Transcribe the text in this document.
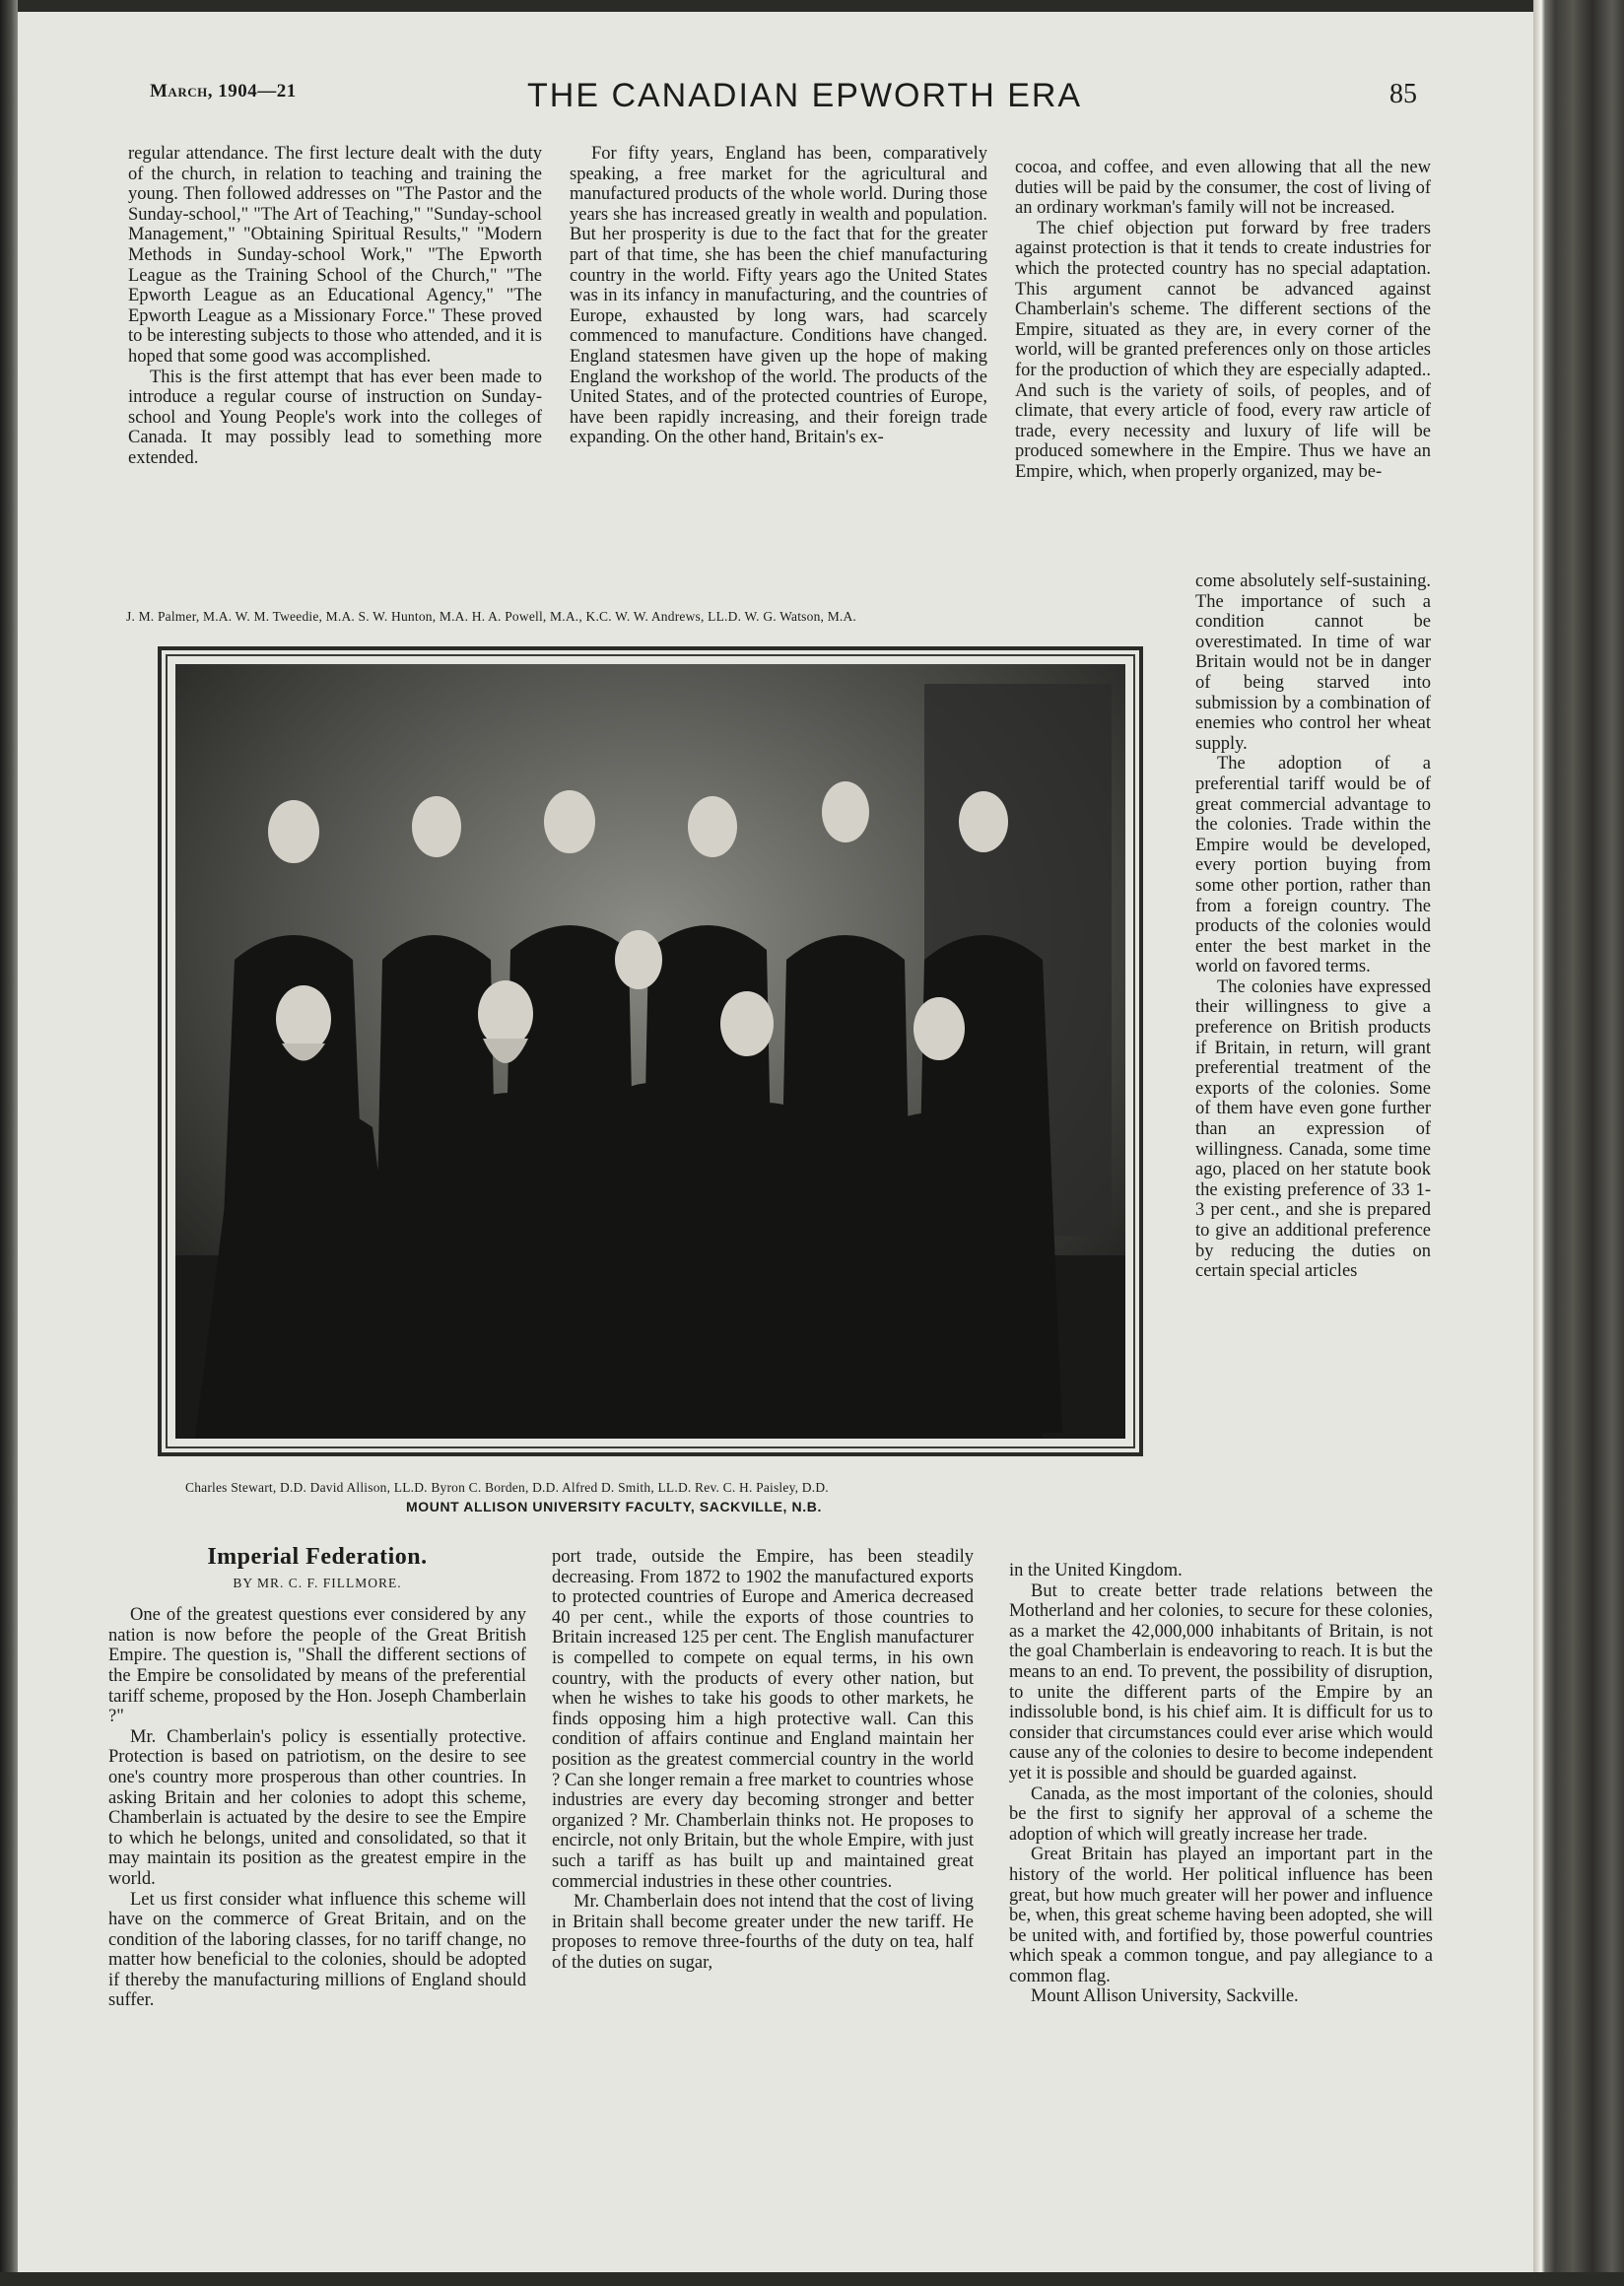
March, 1904—21	THE CANADIAN EPWORTH ERA	85

regular attendance. The first lecture dealt with the duty of the church, in relation to teaching and training the young. Then followed addresses on "The Pastor and the Sunday-school," "The Art of Teaching," "Sunday-school Management," "Obtaining Spiritual Results," "Modern Methods in Sunday-school Work," "The Epworth League as the Training School of the Church," "The Epworth League as an Educational Agency," "The Epworth League as a Missionary Force." These proved to be interesting subjects to those who attended, and it is hoped that some good was accomplished.

This is the first attempt that has ever been made to introduce a regular course of instruction on Sunday-school and Young People's work into the colleges of Canada. It may possibly lead to something more extended.

For fifty years, England has been, comparatively speaking, a free market for the agricultural and manufactured products of the whole world. During those years she has increased greatly in wealth and population. But her prosperity is due to the fact that for the greater part of that time, she has been the chief manufacturing country in the world. Fifty years ago the United States was in its infancy in manufacturing, and the countries of Europe, exhausted by long wars, had scarcely commenced to manufacture. Conditions have changed. England statesmen have given up the hope of making England the workshop of the world. The products of the United States, and of the protected countries of Europe, have been rapidly increasing, and their foreign trade expanding. On the other hand, Britain's ex-

cocoa, and coffee, and even allowing that all the new duties will be paid by the consumer, the cost of living of an ordinary workman's family will not be increased.

The chief objection put forward by free traders against protection is that it tends to create industries for which the protected country has no special adaptation. This argument cannot be advanced against Chamberlain's scheme. The different sections of the Empire, situated as they are, in every corner of the world, will be granted preferences only on those articles for the production of which they are especially adapted.. And such is the variety of soils, of peoples, and of climate, that every article of food, every raw article of trade, every necessity and luxury of life will be produced somewhere in the Empire. Thus we have an Empire, which, when properly organized, may be-

J. M. Palmer, M.A. W. M. Tweedie, M.A. S. W. Hunton, M.A. H. A. Powell, M.A., K.C. W. W. Andrews, LL.D. W. G. Watson, M.A.

come absolutely self-sustaining. The importance of such a condition cannot be overestimated. In time of war Britain would not be in danger of being starved into submission by a combination of enemies who control her wheat supply.

The adoption of a preferential tariff would be of great commercial advantage to the colonies. Trade within the Empire would be developed, every portion buying from some other portion, rather than from a foreign country. The products of the colonies would enter the best market in the world on favored terms.

The colonies have expressed their willingness to give a preference on British products if Britain, in return, will grant preferential treatment of the exports of the colonies. Some of them have even gone further than an expression of willingness. Canada, some time ago, placed on her statute book the existing preference of 33 1-3 per cent., and she is prepared to give an additional preference by reducing the duties on certain special articles

Charles Stewart, D.D. David Allison, LL.D. Byron C. Borden, D.D. Alfred D. Smith, LL.D. Rev. C. H. Paisley, D.D.
MOUNT ALLISON UNIVERSITY FACULTY, SACKVILLE, N.B.
Imperial Federation.
BY MR. C. F. FILLMORE.

One of the greatest questions ever considered by any nation is now before the people of the Great British Empire. The question is, "Shall the different sections of the Empire be consolidated by means of the preferential tariff scheme, proposed by the Hon. Joseph Chamberlain ?"

Mr. Chamberlain's policy is essentially protective. Protection is based on patriotism, on the desire to see one's country more prosperous than other countries. In asking Britain and her colonies to adopt this scheme, Chamberlain is actuated by the desire to see the Empire to which he belongs, united and consolidated, so that it may maintain its position as the greatest empire in the world.

Let us first consider what influence this scheme will have on the commerce of Great Britain, and on the condition of the laboring classes, for no tariff change, no matter how beneficial to the colonies, should be adopted if thereby the manufacturing millions of England should suffer.

port trade, outside the Empire, has been steadily decreasing. From 1872 to 1902 the manufactured exports to protected countries of Europe and America decreased 40 per cent., while the exports of those countries to Britain increased 125 per cent. The English manufacturer is compelled to compete on equal terms, in his own country, with the products of every other nation, but when he wishes to take his goods to other markets, he finds opposing him a high protective wall. Can this condition of affairs continue and England maintain her position as the greatest commercial country in the world ? Can she longer remain a free market to countries whose industries are every day becoming stronger and better organized ? Mr. Chamberlain thinks not. He proposes to encircle, not only Britain, but the whole Empire, with just such a tariff as has built up and maintained great commercial industries in these other countries.

Mr. Chamberlain does not intend that the cost of living in Britain shall become greater under the new tariff. He proposes to remove three-fourths of the duty on tea, half of the duties on sugar,

in the United Kingdom.

But to create better trade relations between the Motherland and her colonies, to secure for these colonies, as a market the 42,000,000 inhabitants of Britain, is not the goal Chamberlain is endeavoring to reach. It is but the means to an end. To prevent, the possibility of disruption, to unite the different parts of the Empire by an indissoluble bond, is his chief aim. It is difficult for us to consider that circumstances could ever arise which would cause any of the colonies to desire to become independent yet it is possible and should be guarded against.

Canada, as the most important of the colonies, should be the first to signify her approval of a scheme the adoption of which will greatly increase her trade.

Great Britain has played an important part in the history of the world. Her political influence has been great, but how much greater will her power and influence be, when, this great scheme having been adopted, she will be united with, and fortified by, those powerful countries which speak a common tongue, and pay allegiance to a common flag.

Mount Allison University, Sackville.
